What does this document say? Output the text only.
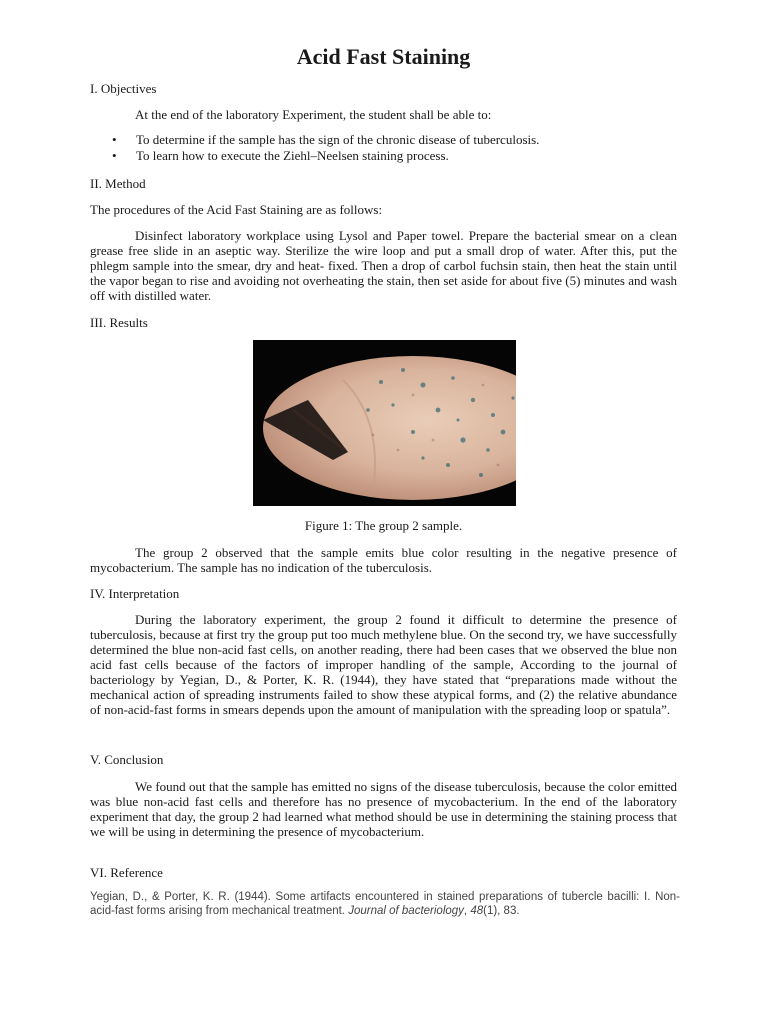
Acid Fast Staining

I. Objectives

At the end of the laboratory Experiment, the student shall be able to:

• To determine if the sample has the sign of the chronic disease of tuberculosis.
• To learn how to execute the Ziehl–Neelsen staining process.

II. Method

The procedures of the Acid Fast Staining are as follows:

Disinfect laboratory workplace using Lysol and Paper towel. Prepare the bacterial smear on a clean grease free slide in an aseptic way. Sterilize the wire loop and put a small drop of water. After this, put the phlegm sample into the smear, dry and heat- fixed. Then a drop of carbol fuchsin stain, then heat the stain until the vapor began to rise and avoiding not overheating the stain, then set aside for about five (5) minutes and wash off with distilled water.

III. Results

Figure 1: The group 2 sample.

The group 2 observed that the sample emits blue color resulting in the negative presence of mycobacterium. The sample has no indication of the tuberculosis.

IV. Interpretation

During the laboratory experiment, the group 2 found it difficult to determine the presence of tuberculosis, because at first try the group put too much methylene blue. On the second try, we have successfully determined the blue non-acid fast cells, on another reading, there had been cases that we observed the blue non acid fast cells because of the factors of improper handling of the sample, According to the journal of bacteriology by Yegian, D., & Porter, K. R. (1944), they have stated that “preparations made without the mechanical action of spreading instruments failed to show these atypical forms, and (2) the relative abundance of non-acid-fast forms in smears depends upon the amount of manipulation with the spreading loop or spatula”.

V. Conclusion

We found out that the sample has emitted no signs of the disease tuberculosis, because the color emitted was blue non-acid fast cells and therefore has no presence of mycobacterium. In the end of the laboratory experiment that day, the group 2 had learned what method should be use in determining the staining process that we will be using in determining the presence of mycobacterium.

VI. Reference

Yegian, D., & Porter, K. R. (1944). Some artifacts encountered in stained preparations of tubercle bacilli: I. Non-acid-fast forms arising from mechanical treatment. Journal of bacteriology, 48(1), 83.
